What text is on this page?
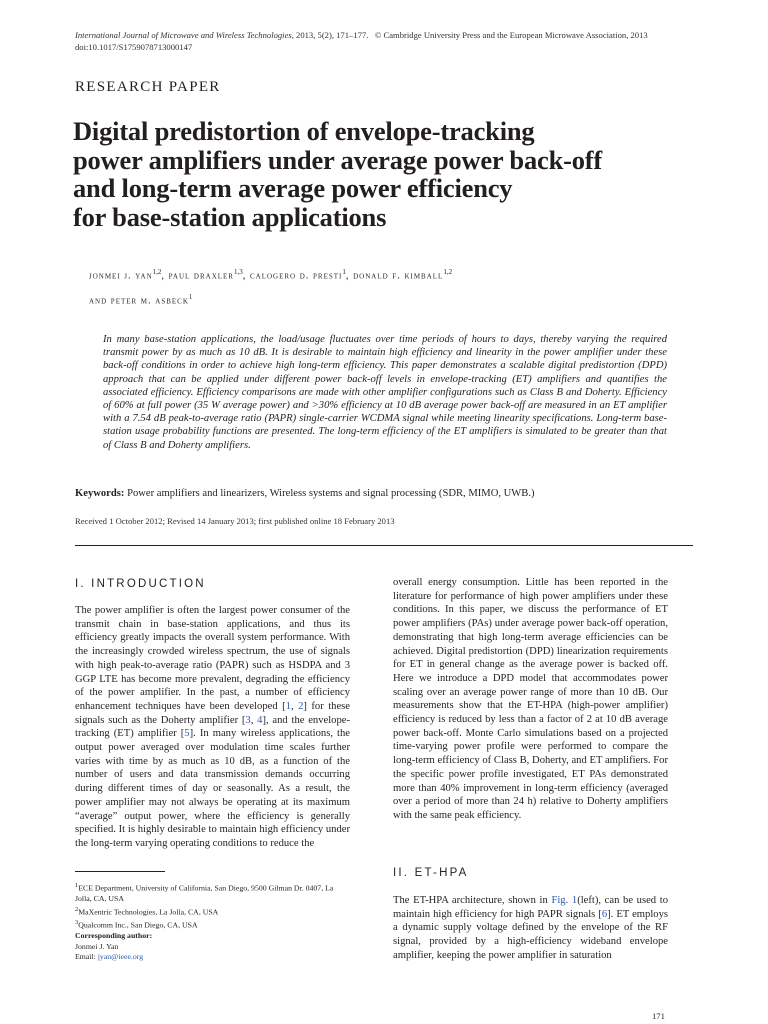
International Journal of Microwave and Wireless Technologies, 2013, 5(2), 171–177. © Cambridge University Press and the European Microwave Association, 2013
doi:10.1017/S1759078713000147
RESEARCH PAPER
Digital predistortion of envelope-tracking
power amplifiers under average power back-off
and long-term average power efficiency
for base-station applications
jonmei j. yan$^{1,2}$, paul draxler$^{1,3}$, calogero d. presti$^1$, donald f. kimball$^{1,2}$
and peter m. asbeck$^1$
In many base-station applications, the load/usage fluctuates over time periods of hours to days, thereby varying the required transmit power by as much as 10 dB. It is desirable to maintain high efficiency and linearity in the power amplifier under these back-off conditions in order to achieve high long-term efficiency. This paper demonstrates a scalable digital predistortion (DPD) approach that can be applied under different power back-off levels in envelope-tracking (ET) amplifiers and quantifies the associated efficiency. Efficiency comparisons are made with other amplifier configurations such as Class B and Doherty. Efficiency of 60% at full power (35 W average power) and >30% efficiency at 10 dB average power back-off are measured in an ET amplifier with a 7.54 dB peak-to-average ratio (PAPR) single-carrier WCDMA signal while meeting linearity specifications. Long-term base-station usage probability functions are presented. The long-term efficiency of the ET amplifiers is simulated to be greater than that of Class B and Doherty amplifiers.
Keywords: Power amplifiers and linearizers, Wireless systems and signal processing (SDR, MIMO, UWB.)
Received 1 October 2012; Revised 14 January 2013; first published online 18 February 2013
I. INTRODUCTION

The power amplifier is often the largest power consumer of the transmit chain in base-station applications, and thus its efficiency greatly impacts the overall system performance. With the increasingly crowded wireless spectrum, the use of signals with high peak-to-average ratio (PAPR) such as HSDPA and 3 GGP LTE has become more prevalent, degrading the efficiency of the power amplifier. In the past, a number of efficiency enhancement techniques have been developed [1, 2] for these signals such as the Doherty amplifier [3, 4], and the envelope-tracking (ET) amplifier [5]. In many wireless applications, the output power averaged over modulation time scales further varies with time by as much as 10 dB, as a function of the number of users and data transmission demands occurring during different times of day or seasonally. As a result, the power amplifier may not always be operating at its maximum “average” output power, where the efficiency is generally specified. It is highly desirable to maintain high efficiency under the long-term varying operating conditions to reduce the

$^1$ECE Department, University of California, San Diego, 9500 Gilman Dr. 0407, La Jolla, CA, USA
$^2$MaXentric Technologies, La Jolla, CA, USA
$^3$Qualcomm Inc., San Diego, CA, USA
Corresponding author:
Jonmei J. Yan
Email: jyan@ieee.org

overall energy consumption. Little has been reported in the literature for performance of high power amplifiers under these conditions. In this paper, we discuss the performance of ET power amplifiers (PAs) under average power back-off operation, demonstrating that high long-term average efficiencies can be achieved. Digital predistortion (DPD) linearization requirements for ET in general change as the average power is backed off. Here we introduce a DPD model that accommodates power scaling over an average power range of more than 10 dB. Our measurements show that the ET-HPA (high-power amplifier) efficiency is reduced by less than a factor of 2 at 10 dB average power back-off. Monte Carlo simulations based on a projected time-varying power profile were performed to compare the long-term efficiency of Class B, Doherty, and ET amplifiers. For the specific power profile investigated, ET PAs demonstrated more than 40% improvement in long-term efficiency (averaged over a period of more than 24 h) relative to Doherty amplifiers with the same peak efficiency.

II. ET-HPA

The ET-HPA architecture, shown in Fig. 1(left), can be used to maintain high efficiency for high PAPR signals [6]. ET employs a dynamic supply voltage defined by the envelope of the RF signal, provided by a high-efficiency wideband envelope amplifier, keeping the power amplifier in saturation

171
